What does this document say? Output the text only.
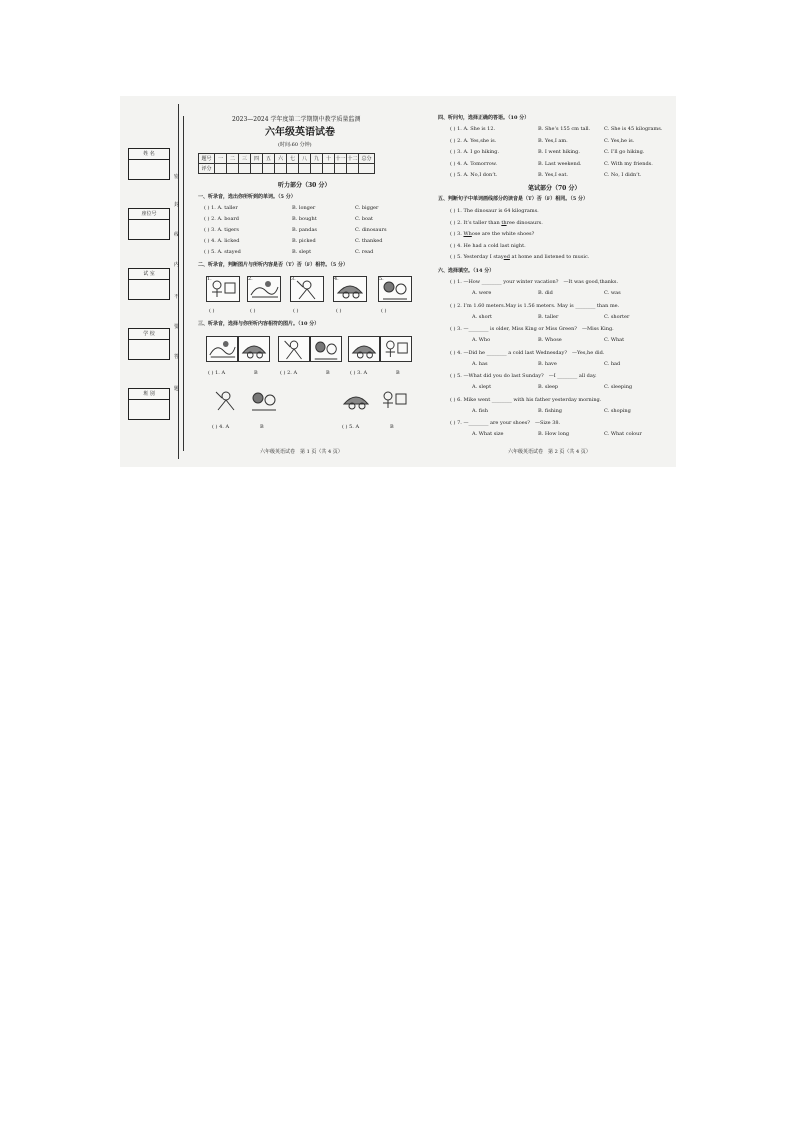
姓 名
座位号
试 室
学 校
班 别
密
封
线
内
不
要
答
题
2023—2024 学年度第二学期期中教学质量监测
六年级英语试卷
(时间:60 分钟)
题号	一	二	三	四	五	六	七	八	九	十	十一	十二	总分
评分													
听力部分（30 分）
一、听录音，选出你所听到的单词。（5 分）
( ) 1. A. taller	B. longer	C. bigger
( ) 2. A. board	B. bought	C. boat
( ) 3. A. tigers	B. pandas	C. dinosaurs
( ) 4. A. licked	B. picked	C. thanked
( ) 5. A. stayed	B. slept	C. read
二、听录音，判断图片与所听内容是否（T）否（F）相符。（5 分）
1.
( )
2.
( )
3.
( )
4.
( )
5.
( )
三、听录音，选择与你所听内容相符的图片。（10 分）
( ) 1. A	B	( ) 2. A	B	( ) 3. A	B
( ) 4. A	B	( ) 5. A	B
六年级英语试卷　第 1 页（共 4 页）
四、听问句，选择正确的答语。（10 分）
( ) 1. A. She is 12.	B. She’s 155 cm tall.	C. She is 45 kilograms.
( ) 2. A. Yes,she is.	B. Yes,I am.	C. Yes,he is.
( ) 3. A. I go hiking.	B. I went hiking.	C. I’ll go hiking.
( ) 4. A. Tomorrow.	B. Last weekend.	C. With my friends.
( ) 5. A. No,I don’t.	B. Yes,I eat.	C. No, I didn’t.
笔试部分（70 分）
五、判断句子中单词画线部分的读音是（T）否（F）相同。（5 分）
( ) 1. The dinosaur is 64 kilograms.
( ) 2. It’s taller than three dinosaurs.
( ) 3. Whose are the white shoes?
( ) 4. He had a cold last night.
( ) 5. Yesterday I stayed at home and listened to music.
六、选择填空。（14 分）
( ) 1. —How ________ your winter vacation?　—It was good,thanks.
A. were	B. did	C. was
( ) 2. I’m 1.60 meters.May is 1.56 meters. May is ________ than me.
A. short	B. taller	C. shorter
( ) 3. —________ is older, Miss King or Miss Green?　—Miss King.
A. Who	B. Whose	C. What
( ) 4. —Did he ________ a cold last Wednesday?　—Yes,he did.
A. has	B. have	C. had
( ) 5. —What did you do last Sunday?　—I ________ all day.
A. slept	B. sleep	C. sleeping
( ) 6. Mike went ________ with his father yesterday morning.
A. fish	B. fishing	C. shoping
( ) 7. —________ are your shoes?　—Size 38.
A. What size	B. How long	C. What colour
六年级英语试卷　第 2 页（共 4 页）
